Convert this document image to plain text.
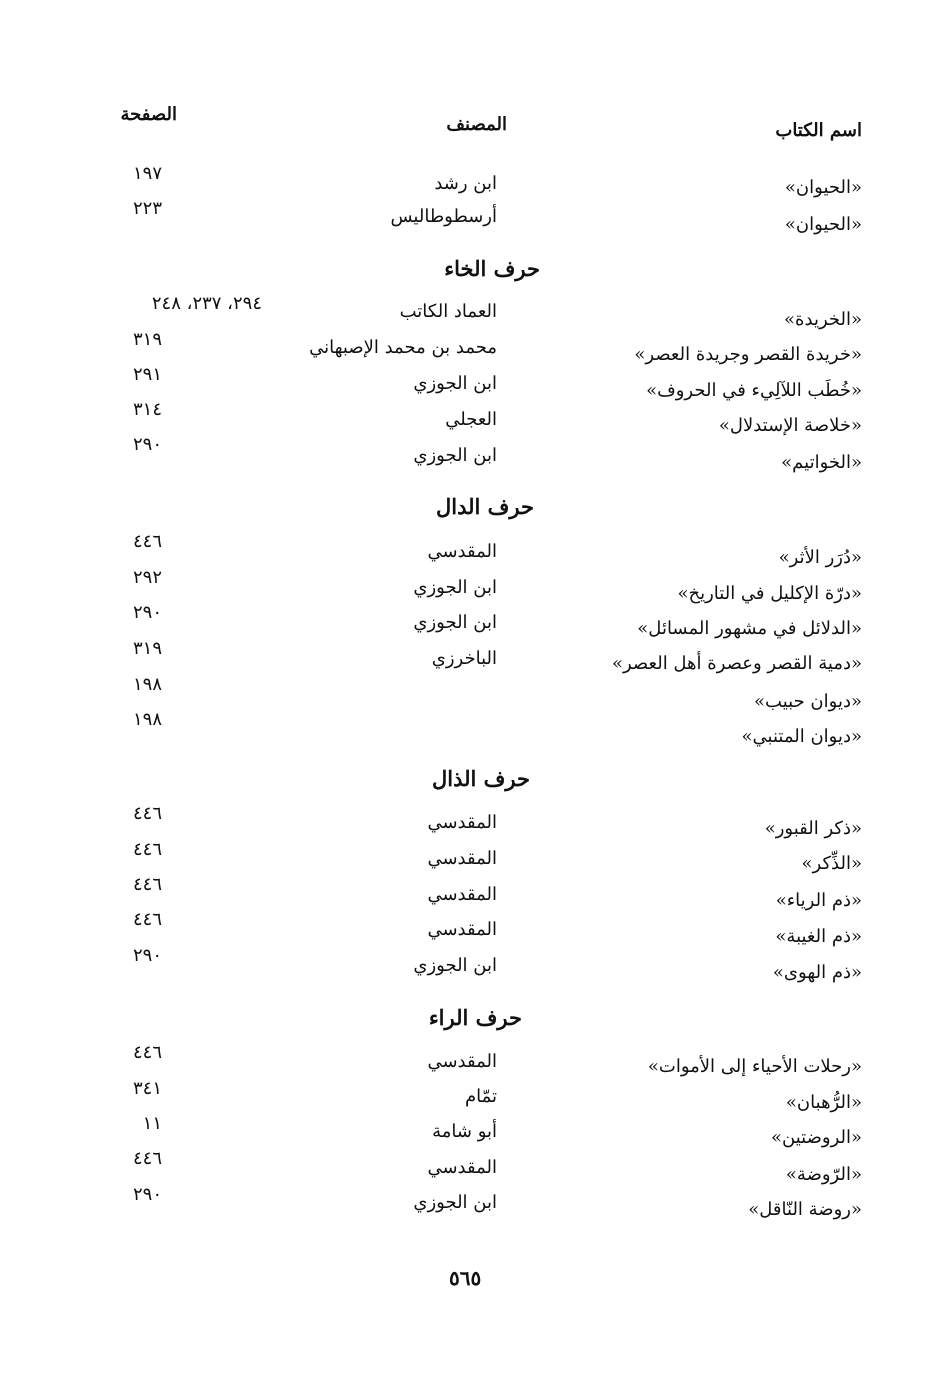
اسم الكتاب
المصنف
الصفحة
«الحيوان»
ابن رشد
١٩٧
«الحيوان»
أرسطوطاليس
٢٢٣
حرف الخاء
«الخريدة»
العماد الكاتب
٢٩٤، ٢٣٧، ٢٤٨
«خريدة القصر وجريدة العصر»
محمد بن محمد الإصبهاني
٣١٩
«خُطَب اللآلِيء في الحروف»
ابن الجوزي
٢٩١
«خلاصة الإستدلال»
العجلي
٣١٤
«الخواتيم»
ابن الجوزي
٢٩٠
حرف الدال
«دُرَر الأثر»
المقدسي
٤٤٦
«درّة الإكليل في التاريخ»
ابن الجوزي
٢٩٢
«الدلائل في مشهور المسائل»
ابن الجوزي
٢٩٠
«دمية القصر وعصرة أهل العصر»
الباخرزي
٣١٩
«ديوان حبيب»
١٩٨
«ديوان المتنبي»
١٩٨
حرف الذال
«ذكر القبور»
المقدسي
٤٤٦
«الذِّكر»
المقدسي
٤٤٦
«ذم الرياء»
المقدسي
٤٤٦
«ذم الغيبة»
المقدسي
٤٤٦
«ذم الهوى»
ابن الجوزي
٢٩٠
حرف الراء
«رحلات الأحياء إلى الأموات»
المقدسي
٤٤٦
«الرُّهبان»
تمّام
٣٤١
«الروضتين»
أبو شامة
١١
«الرّوضة»
المقدسي
٤٤٦
«روضة النّاقل»
ابن الجوزي
٢٩٠
٥٦٥
